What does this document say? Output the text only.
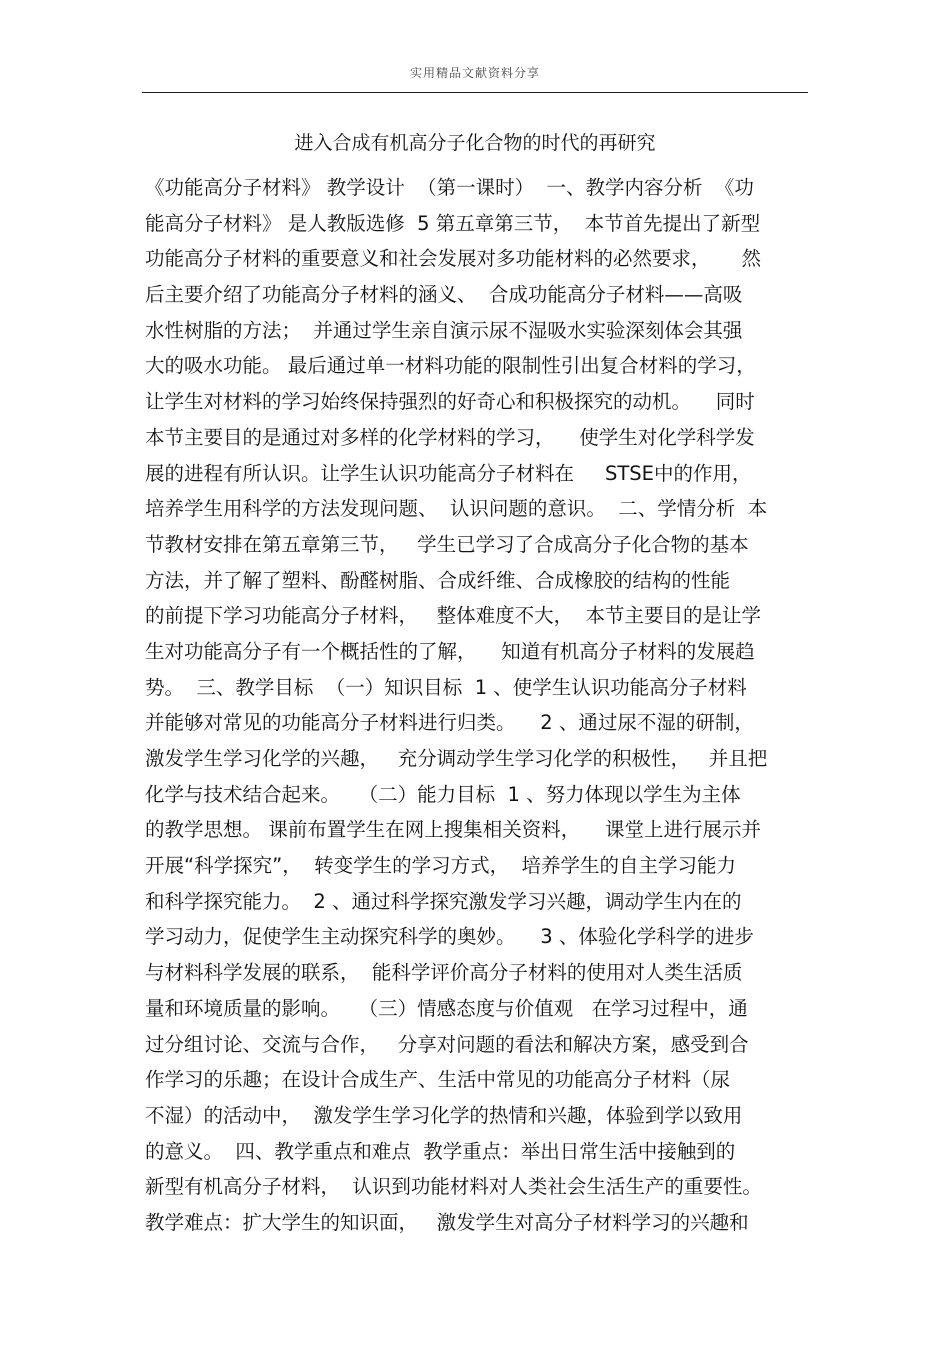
实用精品文献资料分享
进入合成有机高分子化合物的时代的再研究
《功能高分子材料》 教学设计  （第一课时）  一、教学内容分析  《功
能高分子材料》 是人教版选修  5 第五章第三节，  本节首先提出了新型
功能高分子材料的重要意义和社会发展对多功能材料的必然要求，     然
后主要介绍了功能高分子材料的涵义、  合成功能高分子材料——高吸
水性树脂的方法；  并通过学生亲自演示尿不湿吸水实验深刻体会其强
大的吸水功能。 最后通过单一材料功能的限制性引出复合材料的学习，
让学生对材料的学习始终保持强烈的好奇心和积极探究的动机。    同时
本节主要目的是通过对多样的化学材料的学习，    使学生对化学科学发
展的进程有所认识。让学生认识功能高分子材料在     STSE中的作用，
培养学生用科学的方法发现问题、  认识问题的意识。  二、学情分析  本
节教材安排在第五章第三节，   学生已学习了合成高分子化合物的基本
方法，并了解了塑料、酚醛树脂、合成纤维、合成橡胶的结构的性能
的前提下学习功能高分子材料，   整体难度不大，  本节主要目的是让学
生对功能高分子有一个概括性的了解，    知道有机高分子材料的发展趋
势。  三、教学目标  （一）知识目标  1 、使学生认识功能高分子材料
并能够对常见的功能高分子材料进行归类。    2 、通过尿不湿的研制，
激发学生学习化学的兴趣，   充分调动学生学习化学的积极性，   并且把
化学与技术结合起来。   （二）能力目标  1 、努力体现以学生为主体
的教学思想。 课前布置学生在网上搜集相关资料，    课堂上进行展示并
开展“科学探究”，  转变学生的学习方式，  培养学生的自主学习能力
和科学探究能力。  2 、通过科学探究激发学习兴趣，调动学生内在的
学习动力，促使学生主动探究科学的奥妙。    3 、体验化学科学的进步
与材料科学发展的联系，  能科学评价高分子材料的使用对人类生活质
量和环境质量的影响。   （三）情感态度与价值观   在学习过程中，通
过分组讨论、交流与合作，   分享对问题的看法和解决方案，感受到合
作学习的乐趣；在设计合成生产、生活中常见的功能高分子材料（尿
不湿）的活动中，  激发学生学习化学的热情和兴趣，体验到学以致用
的意义。  四、教学重点和难点  教学重点：举出日常生活中接触到的
新型有机高分子材料，  认识到功能材料对人类社会生活生产的重要性。
教学难点：扩大学生的知识面，   激发学生对高分子材料学习的兴趣和
